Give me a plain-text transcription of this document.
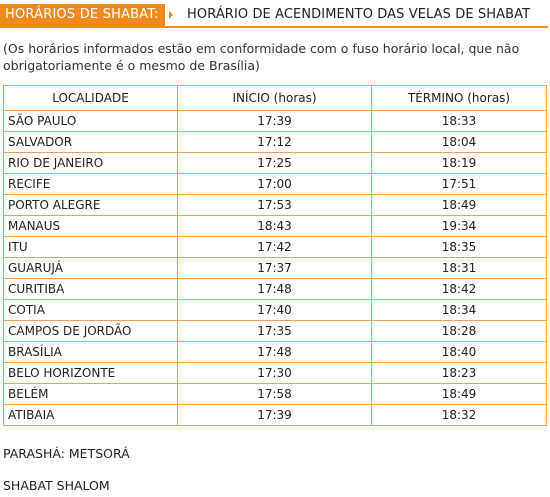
HORÁRIOS DE SHABAT:	HORÁRIO DE ACENDIMENTO DAS VELAS DE SHABAT
(Os horários informados estão em conformidade com o fuso horário local, que não obrigatoriamente é o mesmo de Brasília)
LOCALIDADE	INÍCIO (horas)	TÉRMINO (horas)
SÃO PAULO	17:39	18:33
SALVADOR	17:12	18:04
RIO DE JANEIRO	17:25	18:19
RECIFE	17:00	17:51
PORTO ALEGRE	17:53	18:49
MANAUS	18:43	19:34
ITU	17:42	18:35
GUARUJÁ	17:37	18:31
CURITIBA	17:48	18:42
COTIA	17:40	18:34
CAMPOS DE JORDÃO	17:35	18:28
BRASÍLIA	17:48	18:40
BELO HORIZONTE	17:30	18:23
BELÉM	17:58	18:49
ATIBAIA	17:39	18:32
PARASHÁ: METSORÁ
SHABAT SHALOM
